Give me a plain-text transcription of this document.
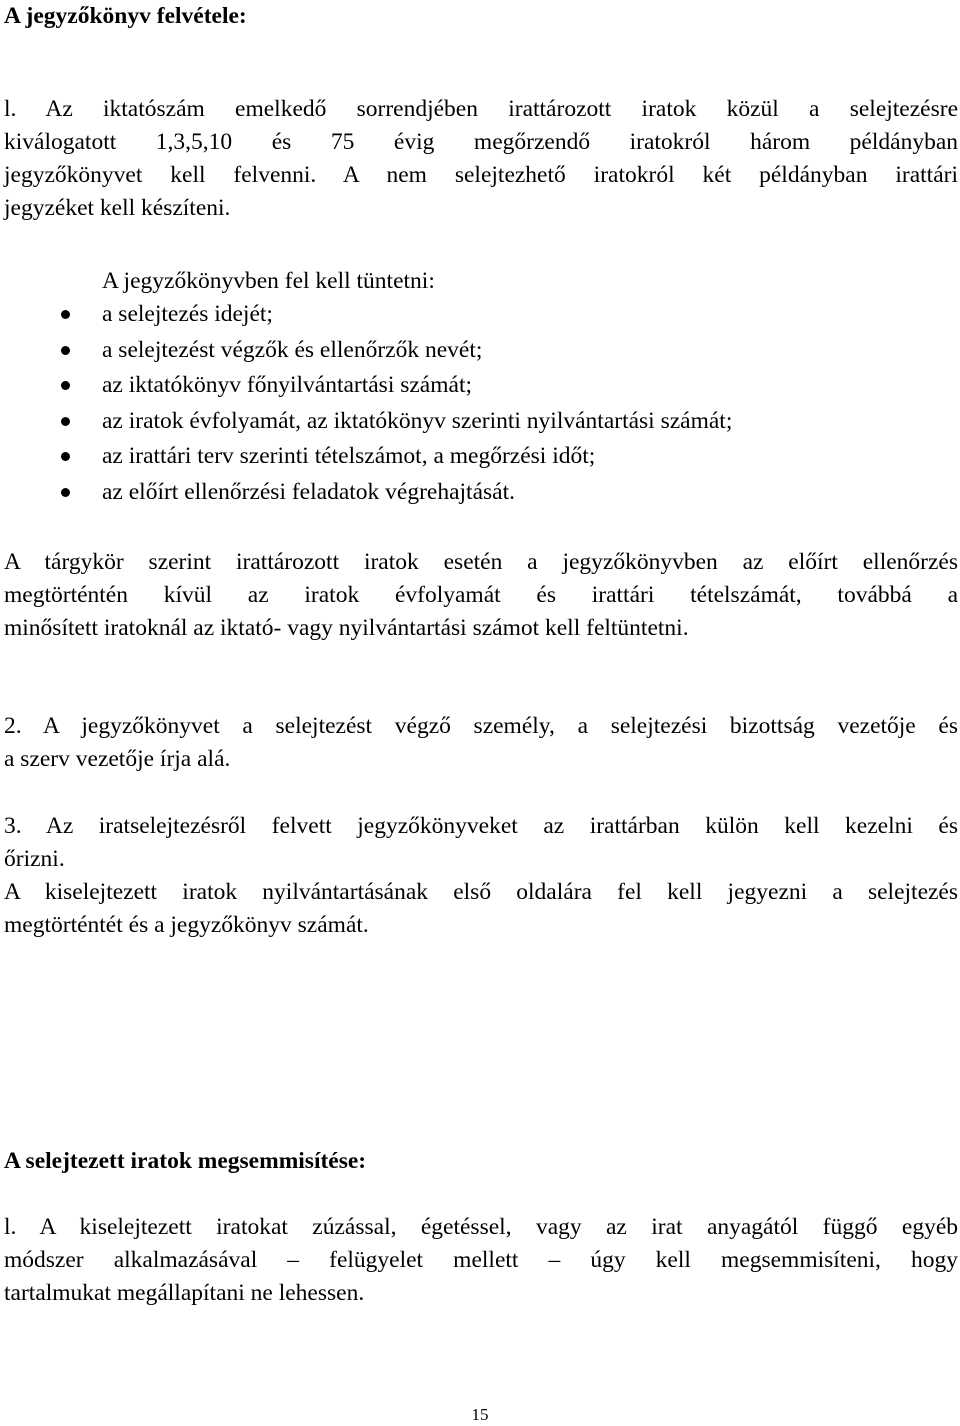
A jegyzőkönyv felvétele:
l. Az iktatószám emelkedő sorrendjében irattározott iratok közül a selejtezésre
kiválogatott 1,3,5,10 és 75 évig megőrzendő iratokról három példányban
jegyzőkönyvet kell felvenni. A nem selejtezhető iratokról két példányban irattári
jegyzéket kell készíteni.
A jegyzőkönyvben fel kell tüntetni:
a selejtezés idejét;
a selejtezést végzők és ellenőrzők nevét;
az iktatókönyv főnyilvántartási számát;
az iratok évfolyamát, az iktatókönyv szerinti nyilvántartási számát;
az irattári terv szerinti tételszámot, a megőrzési időt;
az előírt ellenőrzési feladatok végrehajtását.
A tárgykör szerint irattározott iratok esetén a jegyzőkönyvben az előírt ellenőrzés
megtörténtén kívül az iratok évfolyamát és irattári tételszámát, továbbá a
minősített iratoknál az iktató- vagy nyilvántartási számot kell feltüntetni.
2. A jegyzőkönyvet a selejtezést végző személy, a selejtezési bizottság vezetője és
a szerv vezetője írja alá.
3. Az iratselejtezésről felvett jegyzőkönyveket az irattárban külön kell kezelni és
őrizni.
A kiselejtezett iratok nyilvántartásának első oldalára fel kell jegyezni a selejtezés
megtörténtét és a jegyzőkönyv számát.
A selejtezett iratok megsemmisítése:
l. A kiselejtezett iratokat zúzással, égetéssel, vagy az irat anyagától függő egyéb
módszer alkalmazásával – felügyelet mellett – úgy kell megsemmisíteni, hogy
tartalmukat megállapítani ne lehessen.
15
